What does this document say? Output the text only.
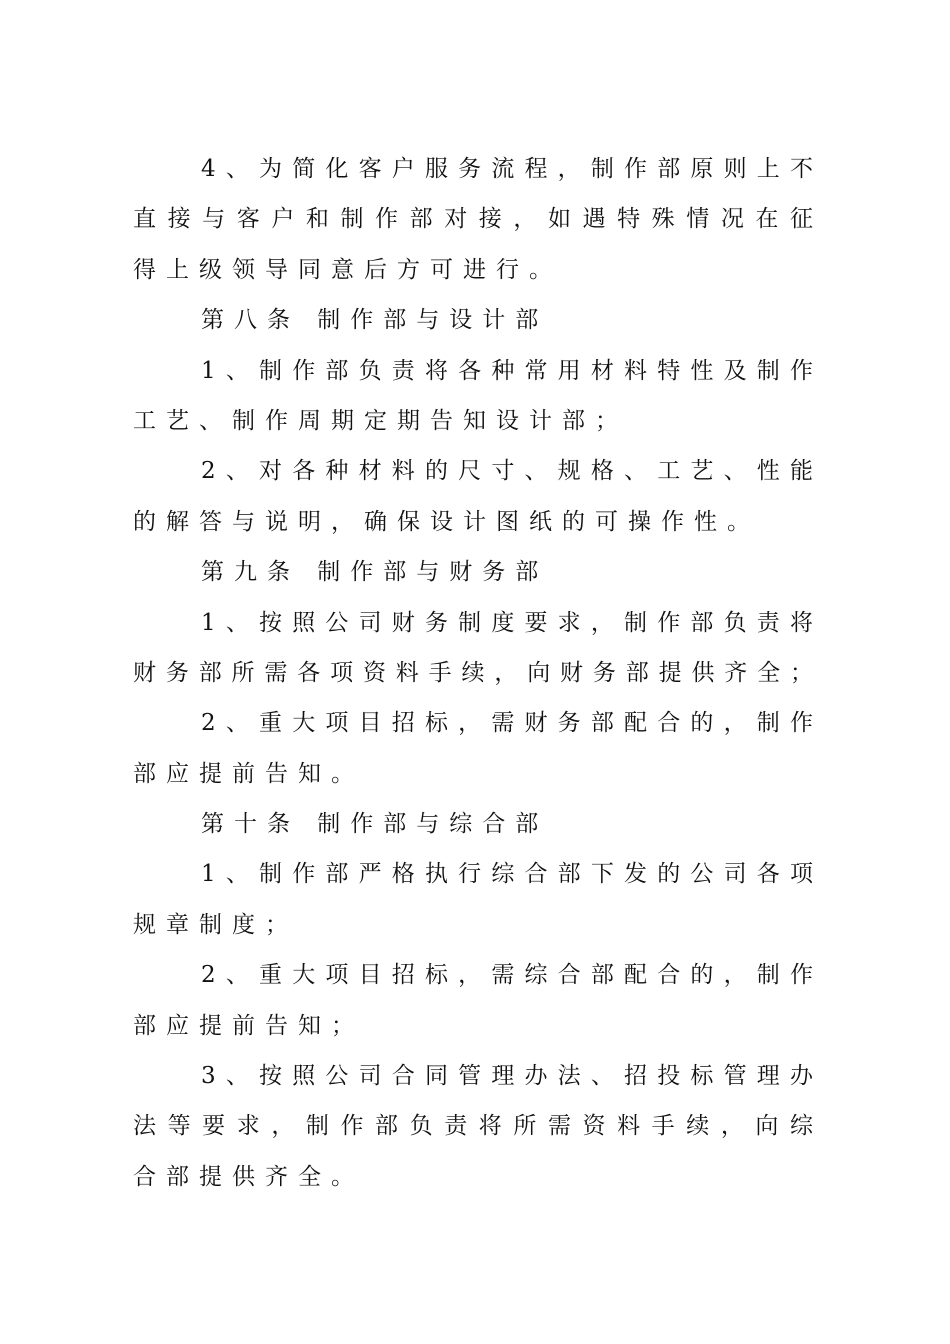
4、为简化客户服务流程，制作部原则上不
直接与客户和制作部对接，如遇特殊情况在征
得上级领导同意后方可进行。
第八条 制作部与设计部
1、制作部负责将各种常用材料特性及制作
工艺、制作周期定期告知设计部；
2、对各种材料的尺寸、规格、工艺、性能
的解答与说明，确保设计图纸的可操作性。
第九条 制作部与财务部
1、按照公司财务制度要求，制作部负责将
财务部所需各项资料手续，向财务部提供齐全；
2、重大项目招标，需财务部配合的，制作
部应提前告知。
第十条 制作部与综合部
1、制作部严格执行综合部下发的公司各项
规章制度；
2、重大项目招标，需综合部配合的，制作
部应提前告知；
3、按照公司合同管理办法、招投标管理办
法等要求，制作部负责将所需资料手续，向综
合部提供齐全。
